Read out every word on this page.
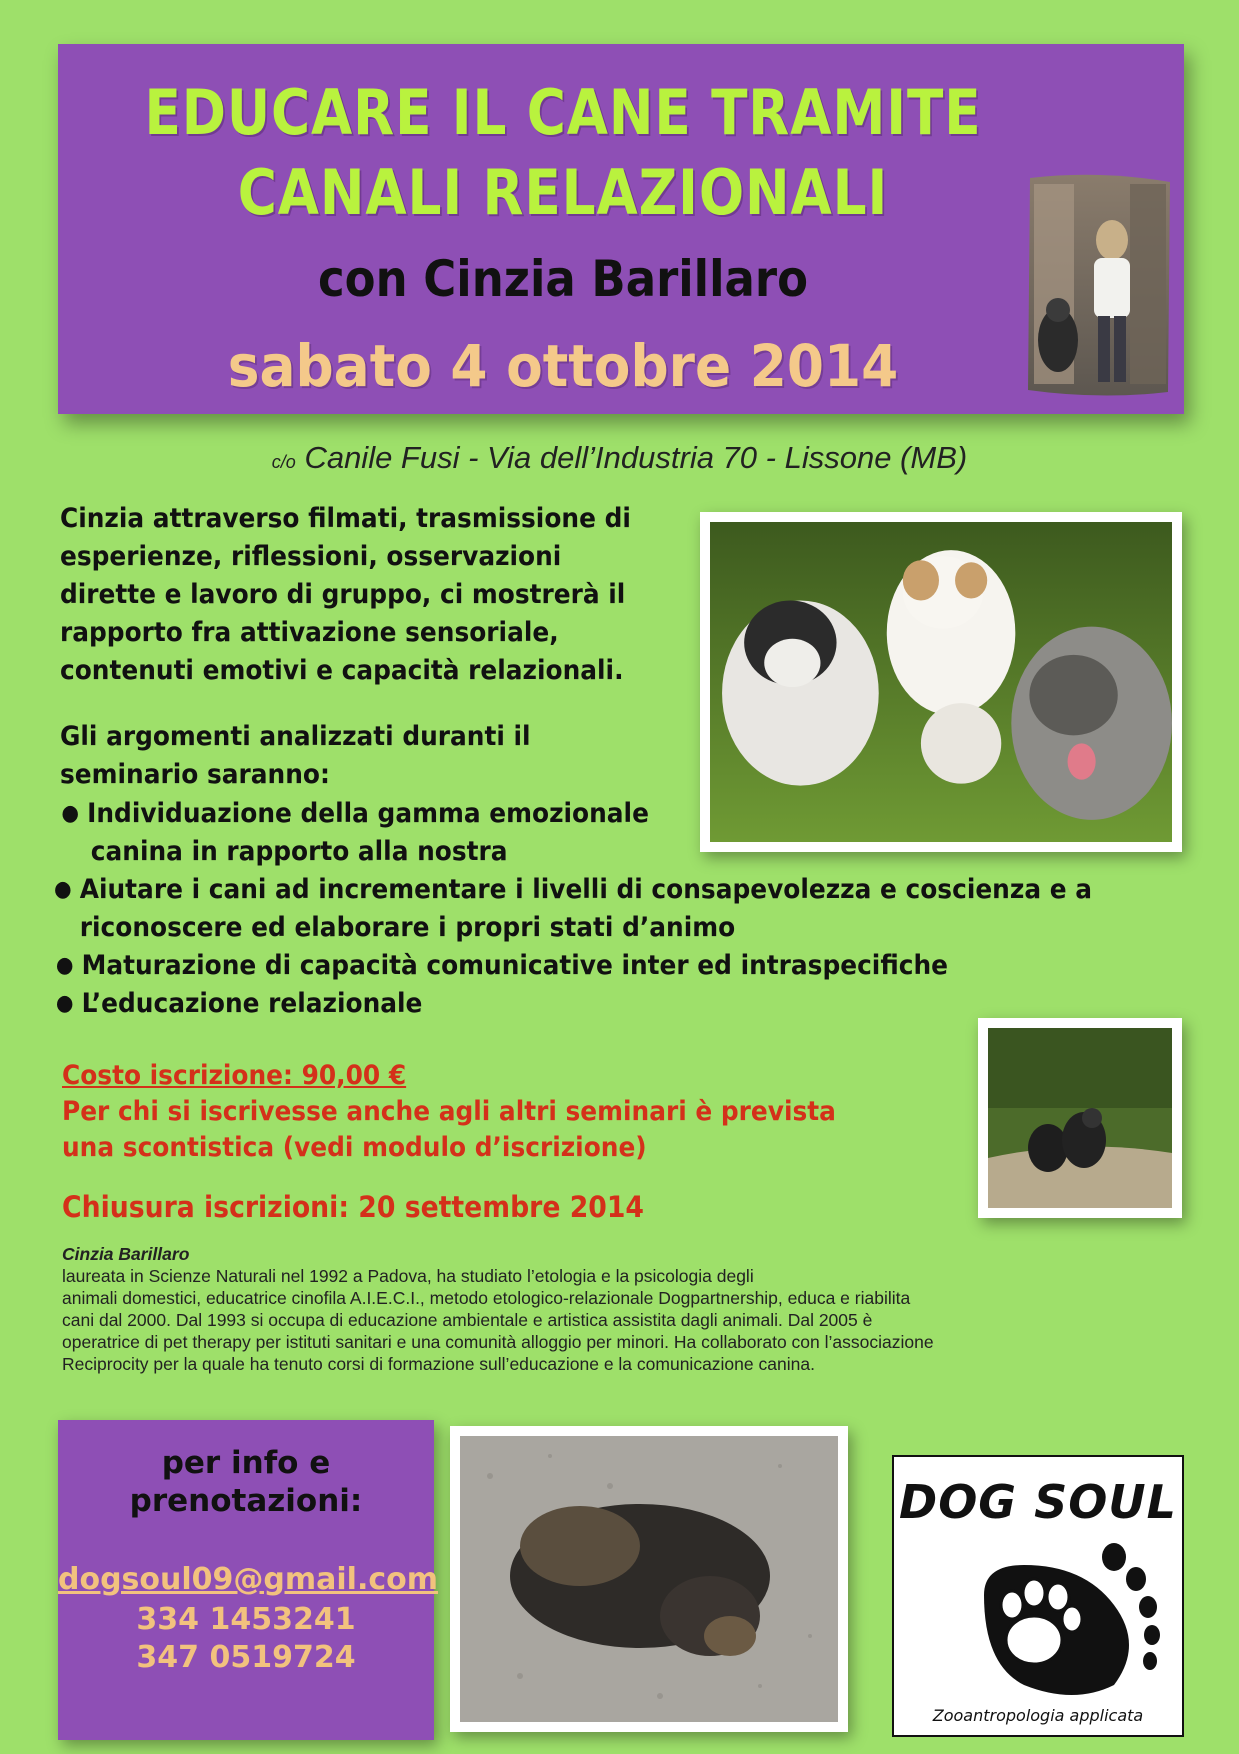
EDUCARE IL CANE TRAMITE
CANALI RELAZIONALI
con Cinzia Barillaro
sabato 4 ottobre 2014
c/o Canile Fusi - Via dell’Industria 70 - Lissone (MB)
Cinzia attraverso filmati, trasmissione di
esperienze, riflessioni, osservazioni
dirette e lavoro di gruppo, ci mostrerà il
rapporto fra attivazione sensoriale,
contenuti emotivi e capacità relazionali.
Gli argomenti analizzati duranti il
seminario saranno:
● Individuazione della gamma emozionale
canina in rapporto alla nostra
● Aiutare i cani ad incrementare i livelli di consapevolezza e coscienza e a
riconoscere ed elaborare i propri stati d’animo
● Maturazione di capacità comunicative inter ed intraspecifiche
● L’educazione relazionale
Costo iscrizione: 90,00 €
Per chi si iscrivesse anche agli altri seminari è prevista
una scontistica (vedi modulo d’iscrizione)
Chiusura iscrizioni: 20 settembre 2014
Cinzia Barillaro
laureata in Scienze Naturali nel 1992 a Padova, ha studiato l’etologia e la psicologia degli
animali domestici, educatrice cinofila A.I.E.C.I., metodo etologico-relazionale Dogpartnership, educa e riabilita
cani dal 2000. Dal 1993 si occupa di educazione ambientale e artistica assistita dagli animali. Dal 2005 è
operatrice di pet therapy per istituti sanitari e una comunità alloggio per minori. Ha collaborato con l’associazione
Reciprocity per la quale ha tenuto corsi di formazione sull’educazione e la comunicazione canina.
per info e
prenotazioni:
dogsoul09@gmail.com
334 1453241
347 0519724
DOG SOUL
Zooantropologia applicata
